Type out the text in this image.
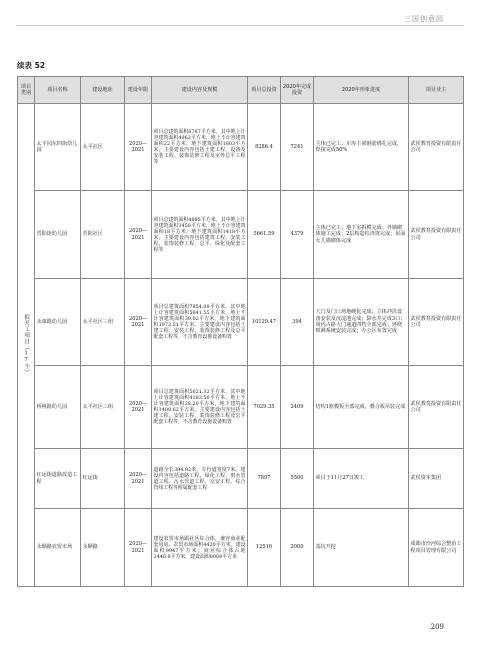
三国创意园
续表 52
项目类别	项目名称	建设地址	建设年限	建设内容及规模	项目总投资	2020年完成投资	2020年形象进度	项目业主
拟开工项目（17个）	太平园东四街幼儿园	太平社区	2020—2021	项目总建筑面积6787平方米，其中地上计容建筑面积4962平方米，地上不计容建筑面积22平方米，地下建筑面积1803平方米。主要建设内容包括土建工程、设备及安装工程、装饰装修工程及室外总平工程等	8286.4	7241	主体已完工；车库主梁钢筋绑扎完成，焊接完成50%	武侯教育投资有限责任公司
	晋阳街幼儿园	晋阳社区	2020—2021	项目总建筑面积4895平方米，其中地上计容建筑面积3458平方米，地上不计容建筑面积18平方米，地下建筑面积1418平方米。主要建设内容包括建筑工程、安装工程、装饰装修工程、总平、绿化及配套工程等	5661.59	4379	主体已完工；地下室拆模完成；外墙砌体施工完成；2层构造柱浇筑完成；屋面女儿墙砌体完成	武侯教育投资有限责任公司
	永康路幼儿园	太平社区三组	2020—2021	项目总建筑面积7854.08平方米，其中地上计容建筑面积5841.55平方米，地上不计容建筑面积39.02平方米，地下建筑面积1973.51平方米。主要建设内容包括土建工程、安装工程、装饰装修工程及总平配套工程等，不含教育设施设备购置	10129.47	394	大门及门口场地硬化完成；立体冲洗设备安装及沉淀池完成；降水井完成3口；场内占路大门通道四档全部完成；环绕喷淋系统安装完成；办公区布置完成	武侯教育投资有限责任公司
	桥桃路幼儿园	太平社区三组	2020—2021	项目总建筑面积5621.32平方米，其中地上计容建筑面积4183.50平方米，地上不计容建筑面积28.20平方米，地下建筑面积1409.62平方米。主要建设内容包括土建工程、安装工程、装饰装修工程及总平配套工程等，不含教育设施设备购置	7029.35	2409	结构1框模板全部完成，叠合板吊装完成	武侯教育投资有限责任公司
	红运街道路改造工程	红运街	2020—2021	道路全长394.92米，车行道宽度7米。建设内容包括道路工程、绿化工程、雨水管道工程、污水管道工程、交安工程、综合管线工程等附属配套工程	7897	5500	项目于11月27日竣工	武侯资本集团
	永顺路农贸市场	永顺路	2020—2021	建设农贸市场跟社区综合体，兼容商业配套用房。农贸市场面积4420平方米，建设面积9947平方米；商业综合体占地2446.8平方米，建设面积8004平方米	12516	2000	基坑开挖	成都市沙河综合整治工程项目管理有限公司
209
